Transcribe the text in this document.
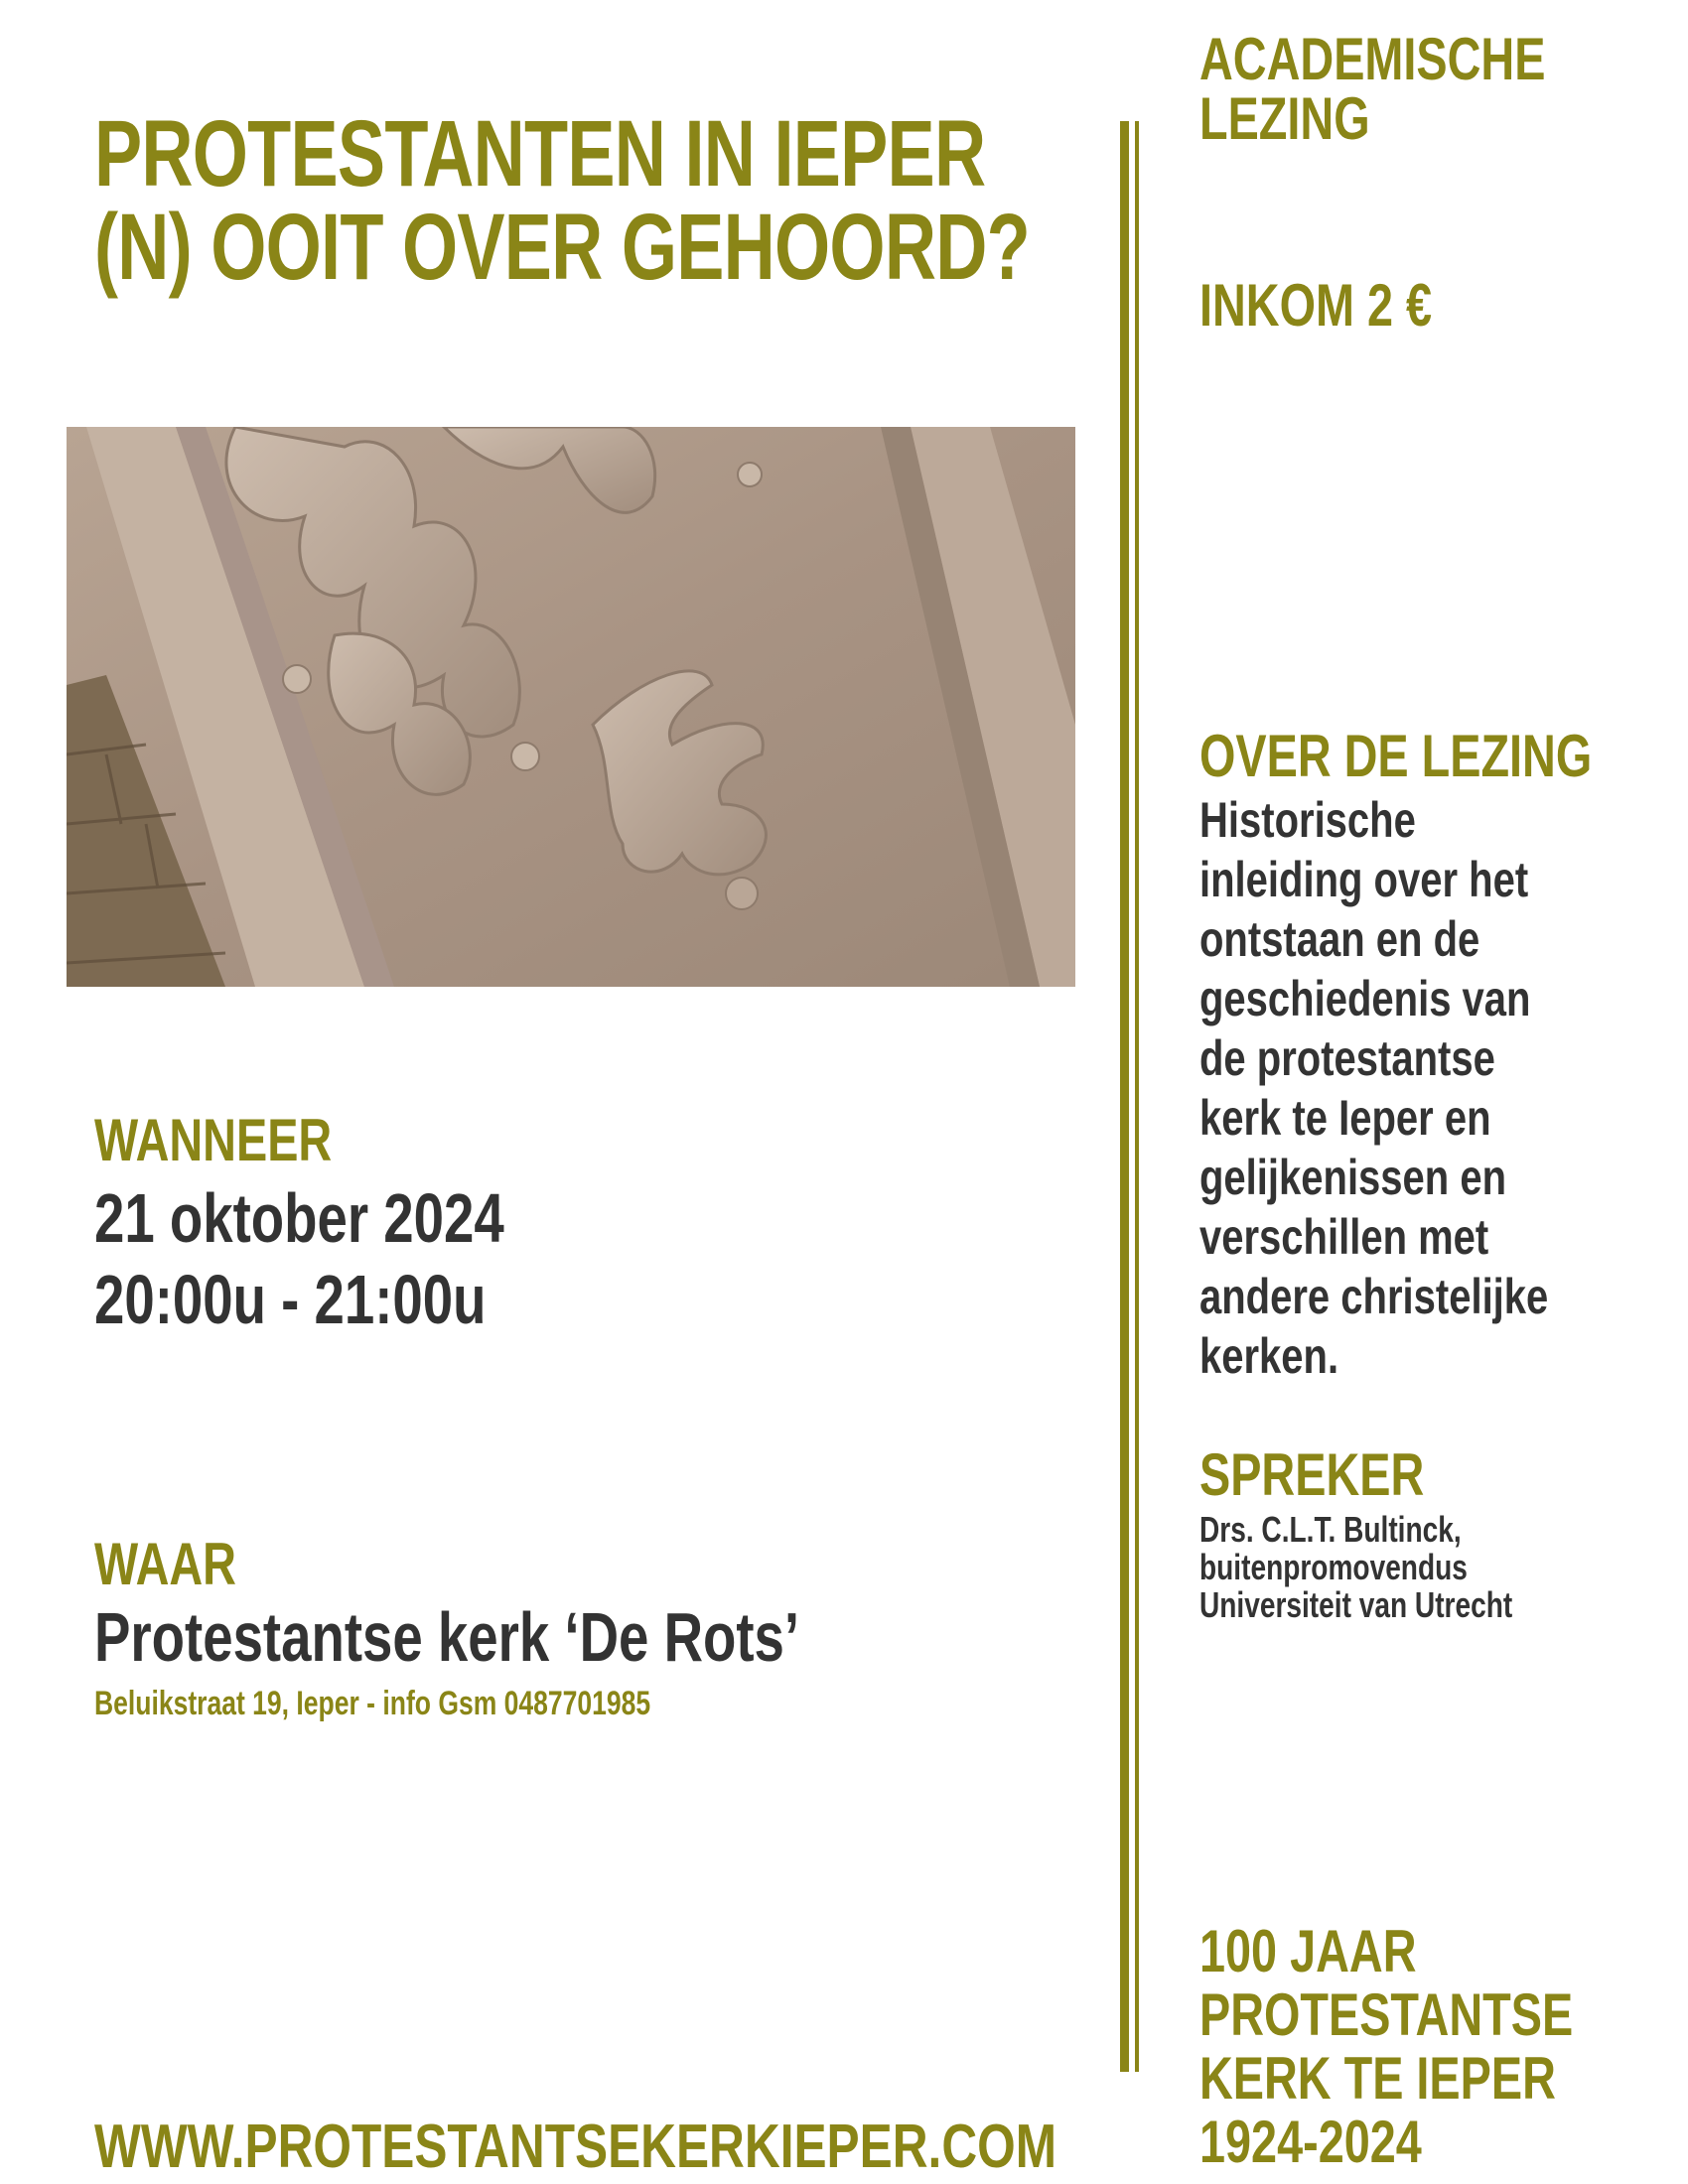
PROTESTANTEN IN IEPER
(N) OOIT OVER GEHOORD?
WANNEER
21 oktober 2024
20:00u - 21:00u
WAAR
Protestantse kerk ‘De Rots’
Beluikstraat 19, Ieper - info Gsm 0487701985
WWW.PROTESTANTSEKERKIEPER.COM
ACADEMISCHE
LEZING
INKOM 2 €
OVER DE LEZING
Historische
inleiding over het
ontstaan en de
geschiedenis van
de protestantse
kerk te Ieper en
gelijkenissen en
verschillen met
andere christelijke
kerken.
SPREKER
Drs. C.L.T. Bultinck,
buitenpromovendus
Universiteit van Utrecht
100 JAAR
PROTESTANTSE
KERK TE IEPER
1924-2024
